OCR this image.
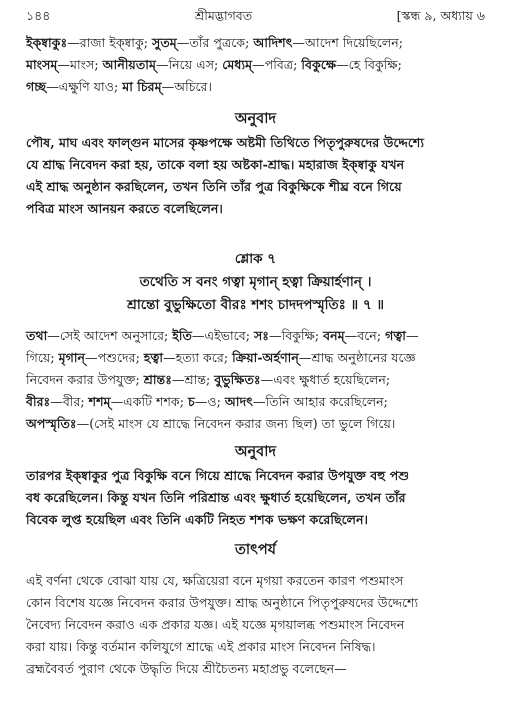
১৪৪	শ্রীমদ্ভাগবত	[স্কন্ধ ৯, অধ্যায় ৬

ইক্ষ্বাকুঃ—রাজা ইক্ষ্বাকু; সুতম্—তাঁর পুত্রকে; আদিশৎ—আদেশ দিয়েছিলেন;

মাংসম্—মাংস; আনীয়তাম্—নিয়ে এস; মেধ্যম্—পবিত্র; বিকুক্ষে—হে বিকুক্ষি;

গচ্ছ—এক্ষুণি যাও; মা চিরম্—অচিরে।

অনুবাদ

পৌষ, মাঘ এবং ফাল্গুন মাসের কৃষ্ণপক্ষে অষ্টমী তিথিতে পিতৃপুরুষদের উদ্দেশ্যে

যে শ্রাদ্ধ নিবেদন করা হয়, তাকে বলা হয় অষ্টকা-শ্রাদ্ধ। মহারাজ ইক্ষ্বাকু যখন

এই শ্রাদ্ধ অনুষ্ঠান করছিলেন, তখন তিনি তাঁর পুত্র বিকুক্ষিকে শীঘ্র বনে গিয়ে

পবিত্র মাংস আনয়ন করতে বলেছিলেন।

শ্লোক ৭

তথেতি স বনং গত্বা মৃগান্ হত্বা ক্রিয়ার্হণান্ ।

শ্রান্তো বুভুক্ষিতো বীরঃ শশং চাদদপস্মৃতিঃ ॥ ৭ ॥

তথা—সেই আদেশ অনুসারে; ইতি—এইভাবে; সঃ—বিকুক্ষি; বনম্—বনে; গত্বা—

গিয়ে; মৃগান্—পশুদের; হত্বা—হত্যা করে; ক্রিয়া-অর্হণান্—শ্রাদ্ধ অনুষ্ঠানের যজ্ঞে

নিবেদন করার উপযুক্ত; শ্রান্তঃ—শ্রান্ত; বুভুক্ষিতঃ—এবং ক্ষুধার্ত হয়েছিলেন;

বীরঃ—বীর; শশম্—একটি শশক; চ—ও; আদৎ—তিনি আহার করেছিলেন;

অপস্মৃতিঃ—(সেই মাংস যে শ্রাদ্ধে নিবেদন করার জন্য ছিল) তা ভুলে গিয়ে।

অনুবাদ

তারপর ইক্ষ্বাকুর পুত্র বিকুক্ষি বনে গিয়ে শ্রাদ্ধে নিবেদন করার উপযুক্ত বহু পশু

বধ করেছিলেন। কিন্তু যখন তিনি পরিশ্রান্ত এবং ক্ষুধার্ত হয়েছিলেন, তখন তাঁর

বিবেক লুপ্ত হয়েছিল এবং তিনি একটি নিহত শশক ভক্ষণ করেছিলেন।

তাৎপর্য

এই বর্ণনা থেকে বোঝা যায় যে, ক্ষত্রিয়েরা বনে মৃগয়া করতেন কারণ পশুমাংস

কোন বিশেষ যজ্ঞে নিবেদন করার উপযুক্ত। শ্রাদ্ধ অনুষ্ঠানে পিতৃপুরুষদের উদ্দেশ্যে

নৈবেদ্য নিবেদন করাও এক প্রকার যজ্ঞ। এই যজ্ঞে মৃগয়ালব্ধ পশুমাংস নিবেদন

করা যায়। কিন্তু বর্তমান কলিযুগে শ্রাদ্ধে এই প্রকার মাংস নিবেদন নিষিদ্ধ।

ব্রহ্মবৈবর্ত পুরাণ থেকে উদ্ধৃতি দিয়ে শ্রীচৈতন্য মহাপ্রভু বলেছেন—
